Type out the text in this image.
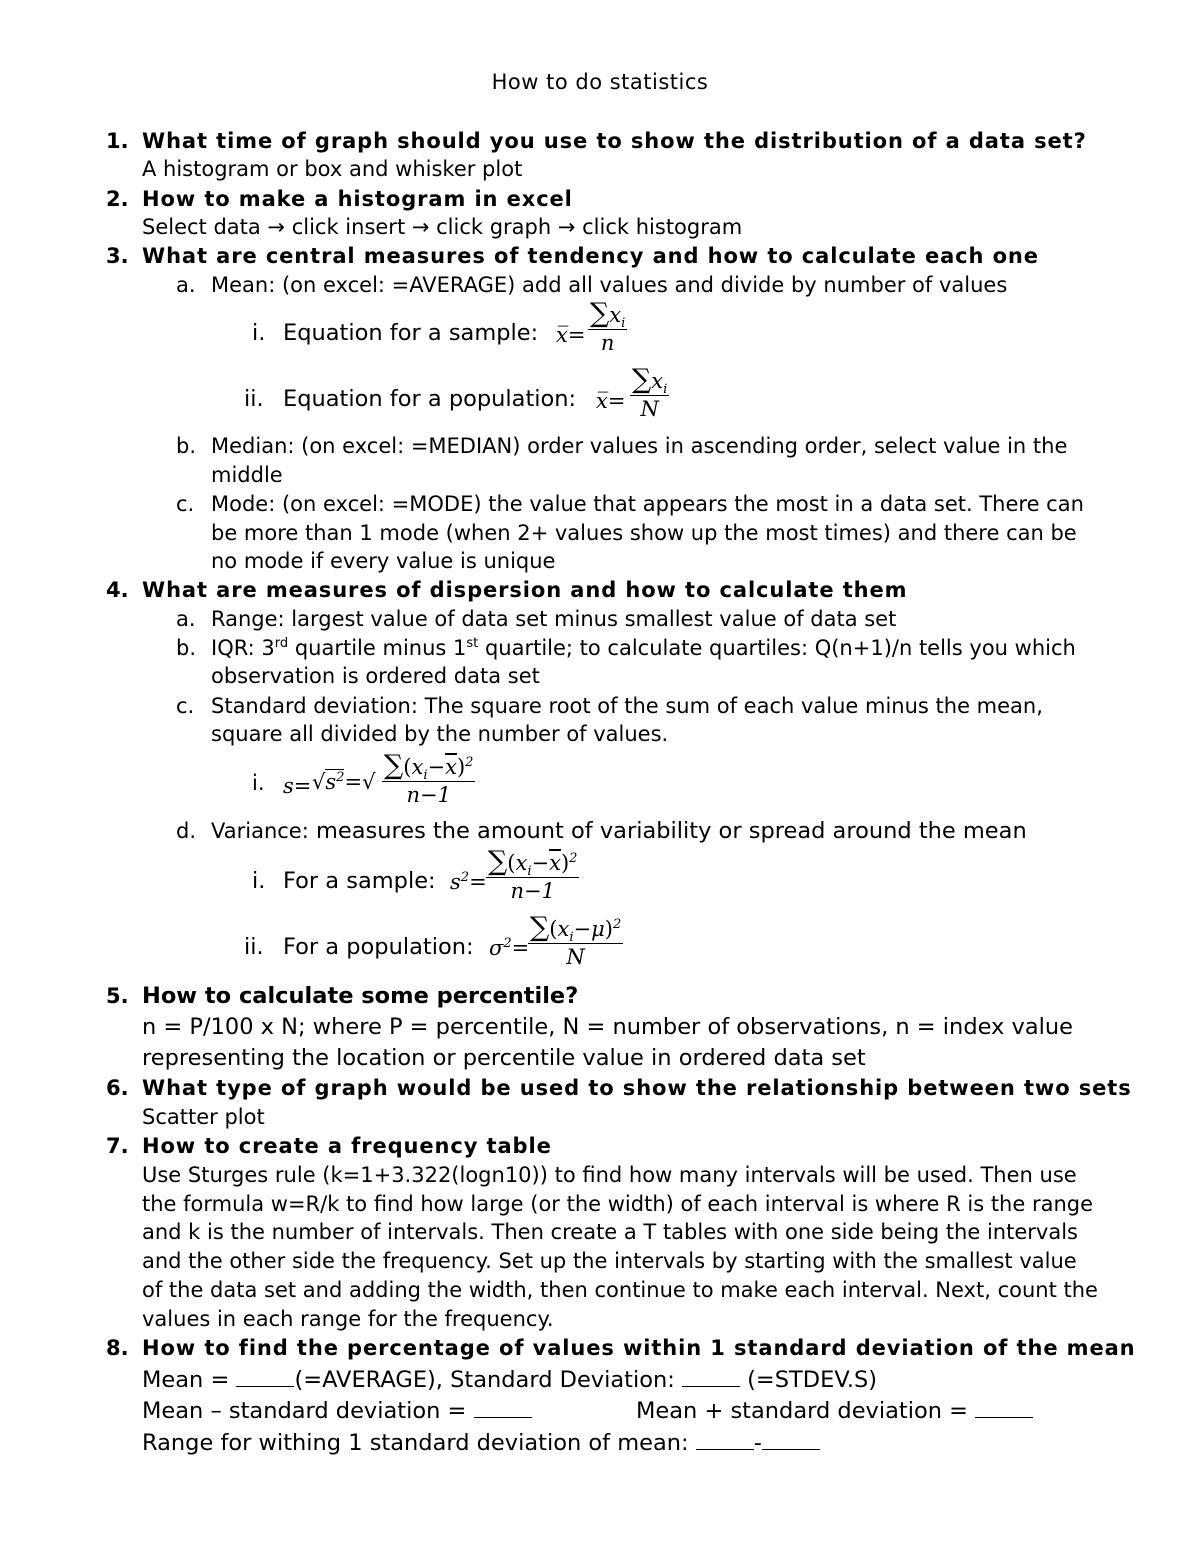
How to do statistics
1. What time of graph should you use to show the distribution of a data set?
A histogram or box and whisker plot
2. How to make a histogram in excel
Select data → click insert → click graph → click histogram
3. What are central measures of tendency and how to calculate each one
a. Mean: (on excel: =AVERAGE) add all values and divide by number of values
i. Equation for a sample: x̅= $\frac{\sum x_i}{n}$
ii. Equation for a population: x̅= $\frac{\sum x_i}{N}$
b. Median: (on excel: =MEDIAN) order values in ascending order, select value in the
middle
c. Mode: (on excel: =MODE) the value that appears the most in a data set. There can
be more than 1 mode (when 2+ values show up the most times) and there can be
no mode if every value is unique
4. What are measures of dispersion and how to calculate them
a. Range: largest value of data set minus smallest value of data set
b. IQR: 3rd quartile minus 1st quartile; to calculate quartiles: Q(n+1)/n tells you which
observation is ordered data set
c. Standard deviation: The square root of the sum of each value minus the mean,
square all divided by the number of values.
i. $s= √s^2=√ \frac{\sum(x_i-\overline{x})^2}{n-1}$
d. Variance: measures the amount of variability or spread around the mean
i. For a sample: $s^2= \frac{\sum(x_i-\overline{x})^2}{n-1}$
ii. For a population: $\sigma^2=$
$\frac{\sum(x_i-\mu)^2}{N}$
5. How to calculate some percentile?
n = P/100 x N; where P = percentile, N = number of observations, n = index value
representing the location or percentile value in ordered data set
6. What type of graph would be used to show the relationship between two sets
Scatter plot
7. How to create a frequency table
Use Sturges rule (k=1+3.322(logn10)) to find how many intervals will be used. Then use
the formula w=R/k to find how large (or the width) of each interval is where R is the range
and k is the number of intervals. Then create a T tables with one side being the intervals
and the other side the frequency. Set up the intervals by starting with the smallest value
of the data set and adding the width, then continue to make each interval. Next, count the
values in each range for the frequency.
8. How to find the percentage of values within 1 standard deviation of the mean
Mean =	(=AVERAGE), Standard Deviation:	(=STDEV.S)
Mean – standard deviation =	Mean + standard deviation =
Range for withing 1 standard deviation of mean:	-
